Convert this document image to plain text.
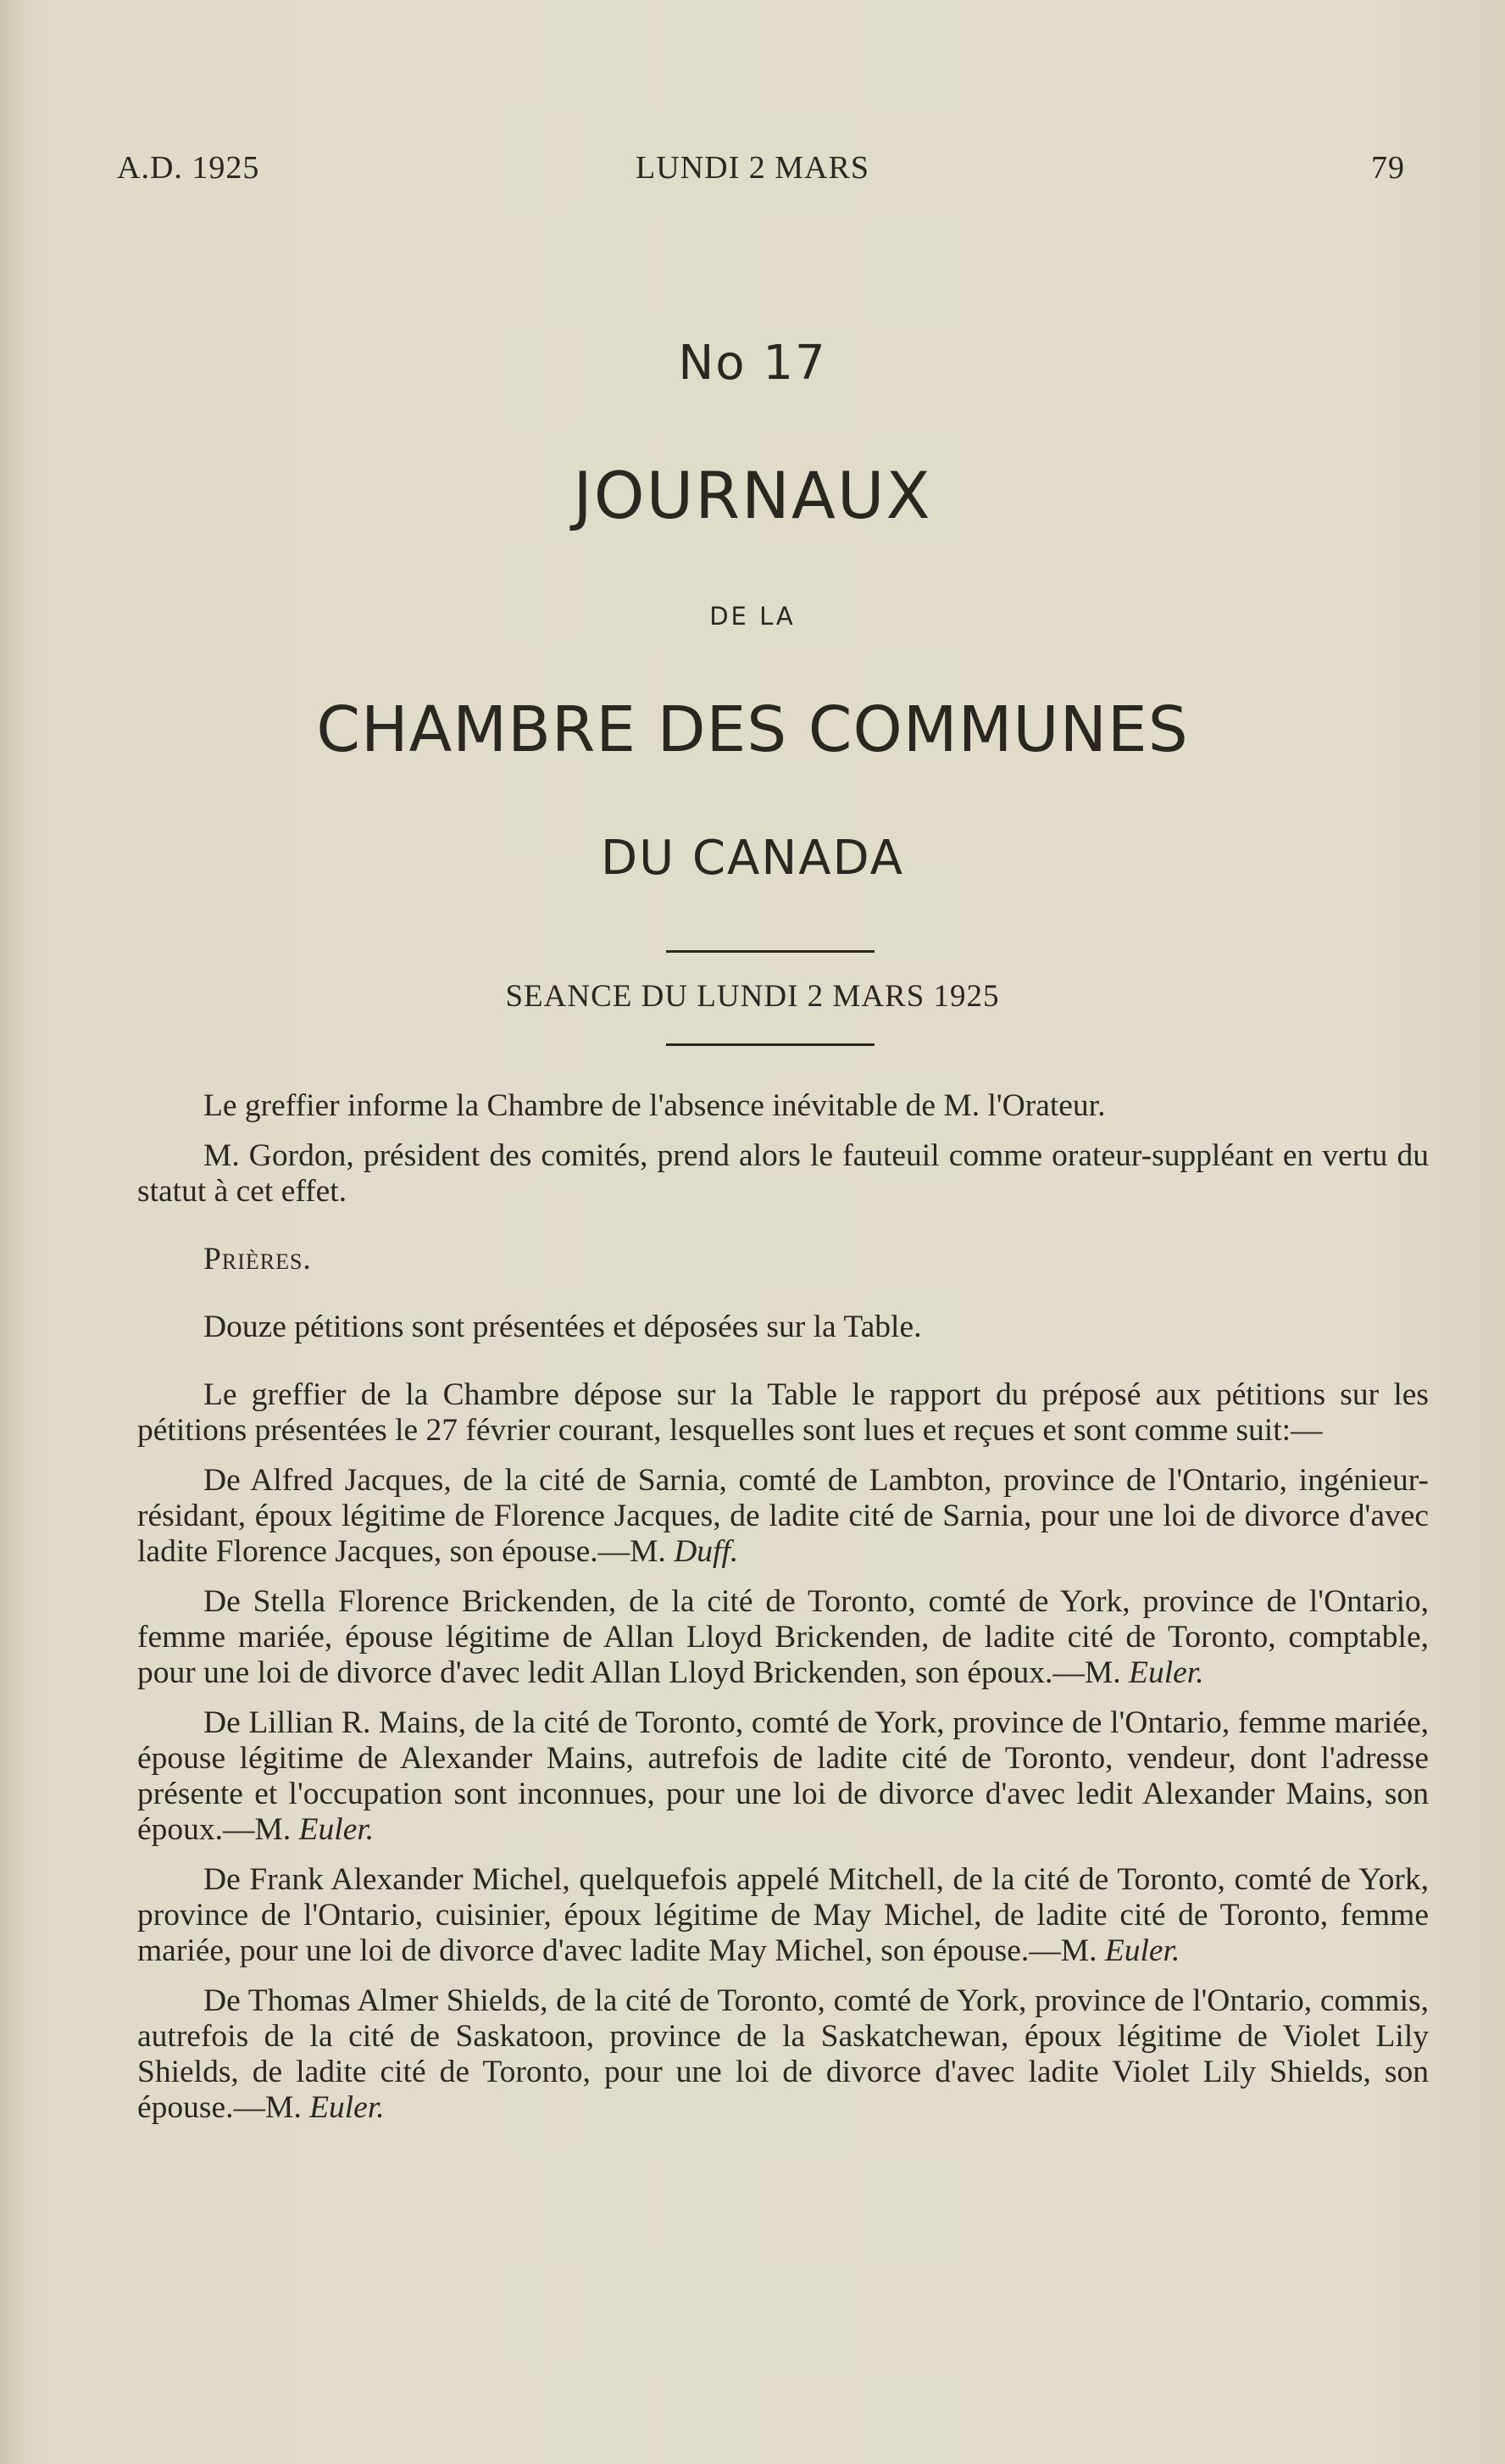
A.D. 1925	LUNDI 2 MARS	79
No 17
JOURNAUX
DE LA
CHAMBRE DES COMMUNES
DU CANADA
SEANCE DU LUNDI 2 MARS 1925

Le greffier informe la Chambre de l'absence inévitable de M. l'Orateur.

M. Gordon, président des comités, prend alors le fauteuil comme orateur-suppléant en vertu du statut à cet effet.

Prières.

Douze pétitions sont présentées et déposées sur la Table.

Le greffier de la Chambre dépose sur la Table le rapport du préposé aux pétitions sur les pétitions présentées le 27 février courant, lesquelles sont lues et reçues et sont comme suit:—

De Alfred Jacques, de la cité de Sarnia, comté de Lambton, province de l'Ontario, ingénieur-résidant, époux légitime de Florence Jacques, de ladite cité de Sarnia, pour une loi de divorce d'avec ladite Florence Jacques, son épouse.—M. Duff.

De Stella Florence Brickenden, de la cité de Toronto, comté de York, province de l'Ontario, femme mariée, épouse légitime de Allan Lloyd Brickenden, de ladite cité de Toronto, comptable, pour une loi de divorce d'avec ledit Allan Lloyd Brickenden, son époux.—M. Euler.

De Lillian R. Mains, de la cité de Toronto, comté de York, province de l'Ontario, femme mariée, épouse légitime de Alexander Mains, autrefois de ladite cité de Toronto, vendeur, dont l'adresse présente et l'occupation sont inconnues, pour une loi de divorce d'avec ledit Alexander Mains, son époux.—M. Euler.

De Frank Alexander Michel, quelquefois appelé Mitchell, de la cité de Toronto, comté de York, province de l'Ontario, cuisinier, époux légitime de May Michel, de ladite cité de Toronto, femme mariée, pour une loi de divorce d'avec ladite May Michel, son épouse.—M. Euler.

De Thomas Almer Shields, de la cité de Toronto, comté de York, province de l'Ontario, commis, autrefois de la cité de Saskatoon, province de la Saskatchewan, époux légitime de Violet Lily Shields, de ladite cité de Toronto, pour une loi de divorce d'avec ladite Violet Lily Shields, son épouse.—M. Euler.
